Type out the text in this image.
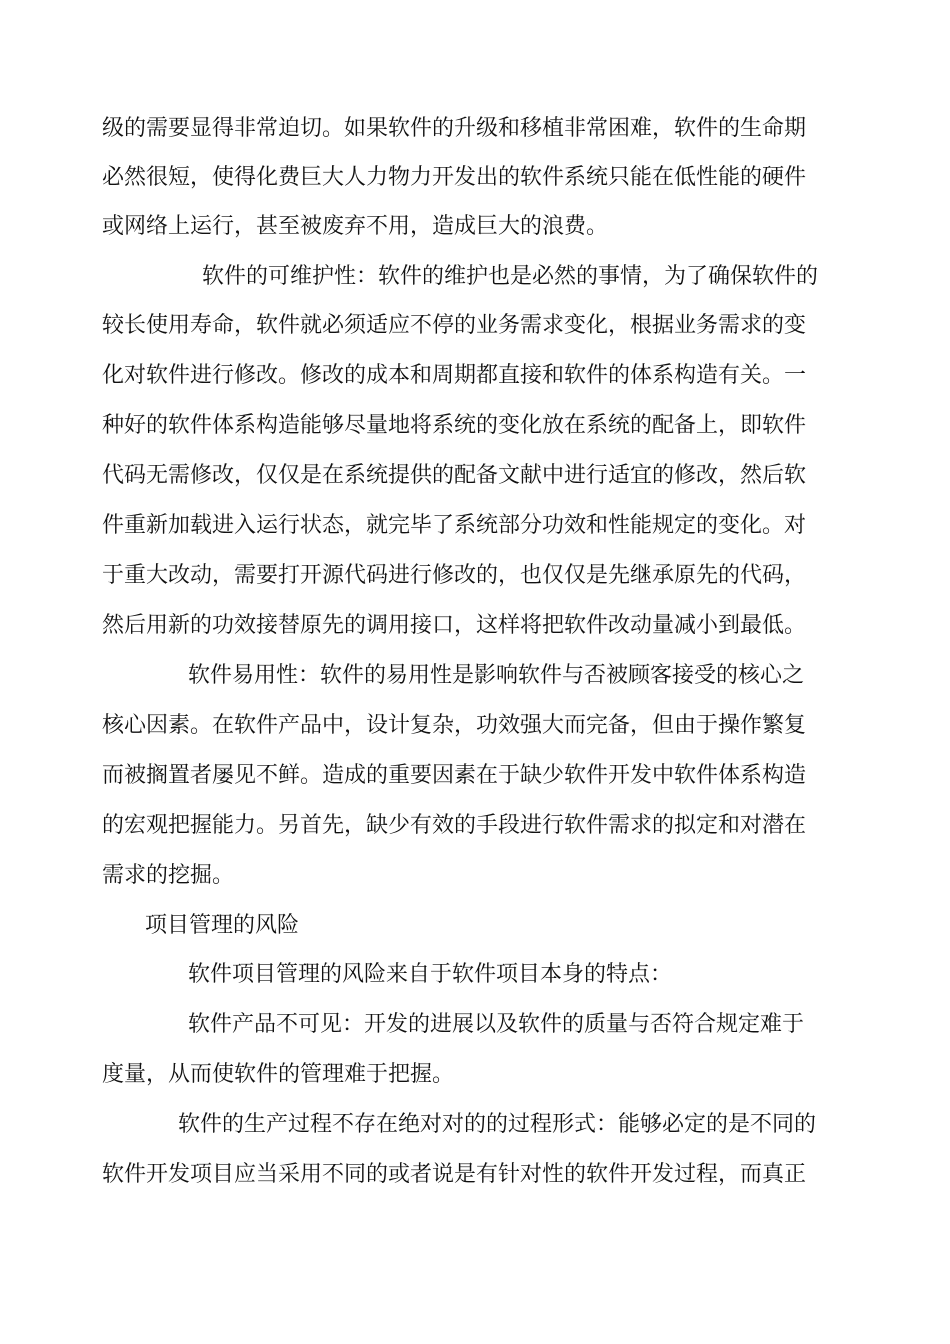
级的需要显得非常迫切。如果软件的升级和移植非常困难，软件的生命期
必然很短，使得化费巨大人力物力开发出的软件系统只能在低性能的硬件
或网络上运行，甚至被废弃不用，造成巨大的浪费。
软件的可维护性：软件的维护也是必然的事情，为了确保软件的
较长使用寿命，软件就必须适应不停的业务需求变化，根据业务需求的变
化对软件进行修改。修改的成本和周期都直接和软件的体系构造有关。一
种好的软件体系构造能够尽量地将系统的变化放在系统的配备上，即软件
代码无需修改，仅仅是在系统提供的配备文献中进行适宜的修改，然后软
件重新加载进入运行状态，就完毕了系统部分功效和性能规定的变化。对
于重大改动，需要打开源代码进行修改的，也仅仅是先继承原先的代码，
然后用新的功效接替原先的调用接口，这样将把软件改动量减小到最低。
软件易用性：软件的易用性是影响软件与否被顾客接受的核心之
核心因素。在软件产品中，设计复杂，功效强大而完备，但由于操作繁复
而被搁置者屡见不鲜。造成的重要因素在于缺少软件开发中软件体系构造
的宏观把握能力。另首先，缺少有效的手段进行软件需求的拟定和对潜在
需求的挖掘。
项目管理的风险
软件项目管理的风险来自于软件项目本身的特点：
软件产品不可见：开发的进展以及软件的质量与否符合规定难于
度量，从而使软件的管理难于把握。
软件的生产过程不存在绝对对的的过程形式：能够必定的是不同的
软件开发项目应当采用不同的或者说是有针对性的软件开发过程，而真正
